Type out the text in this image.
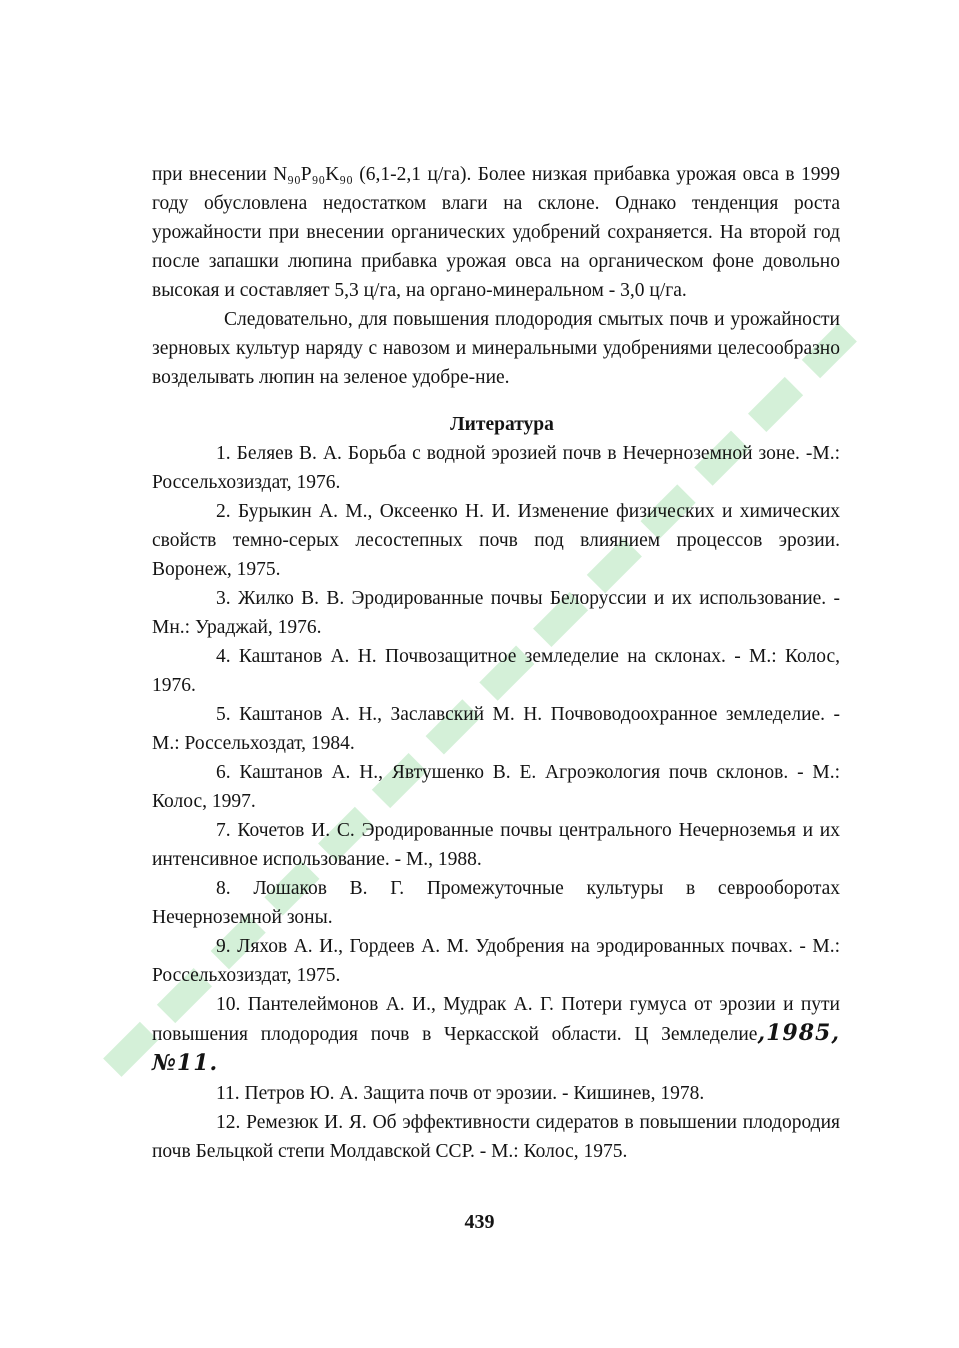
при внесении N₉₀P₉₀K₉₀ (6,1-2,1 ц/га). Более низкая прибавка урожая овса в 1999 году обусловлена недостатком влаги на склоне. Однако тенденция роста урожайности при внесении органических удобрений сохраняется. На второй год после запашки люпина прибавка урожая овса на органическом фоне довольно высокая и составляет 5,3 ц/га, на органо-минеральном - 3,0 ц/га.

Следовательно, для повышения плодородия смытых почв и урожайности зерновых культур наряду с навозом и минеральными удобрениями целесообразно возделывать люпин на зеленое удобре-ние.

Литература
1. Беляев В. А. Борьба с водной эрозией почв в Нечерноземной зоне. -М.: Россельхозиздат, 1976.
2. Бурыкин А. М., Оксеенко Н. И. Изменение физических и химических свойств темно-серых лесостепных почв под влиянием процессов эрозии. Воронеж, 1975.
3. Жилко В. В. Эродированные почвы Белоруссии и их использование. - Мн.: Ураджай, 1976.
4. Каштанов А. Н. Почвозащитное земледелие на склонах. - М.: Колос, 1976.
5. Каштанов А. Н., Заславский М. Н. Почвоводоохранное земледелие. - М.: Россельхоздат, 1984.
6. Каштанов А. Н., Явтушенко В. Е. Агроэкология почв склонов. - М.: Колос, 1997.
7. Кочетов И. С. Эродированные почвы центрального Нечерноземья и их интенсивное использование. - М., 1988.
8. Лошаков В. Г. Промежуточные культуры в севрооборотах Нечерноземной зоны.
9. Ляхов А. И., Гордеев А. М. Удобрения на эродированных почвах. - М.: Россельхозиздат, 1975.
10. Пантелеймонов А. И., Мудрак А. Г. Потери гумуса от эрозии и пути повышения плодородия почв в Черкасской области. Ц Земледелие,1985, №11.
11. Петров Ю. А. Защита почв от эрозии. - Кишинев, 1978.
12. Ремезюк И. Я. Об эффективности сидератов в повышении плодородия почв Бельцкой степи Молдавской ССР. - М.: Колос, 1975.
439
